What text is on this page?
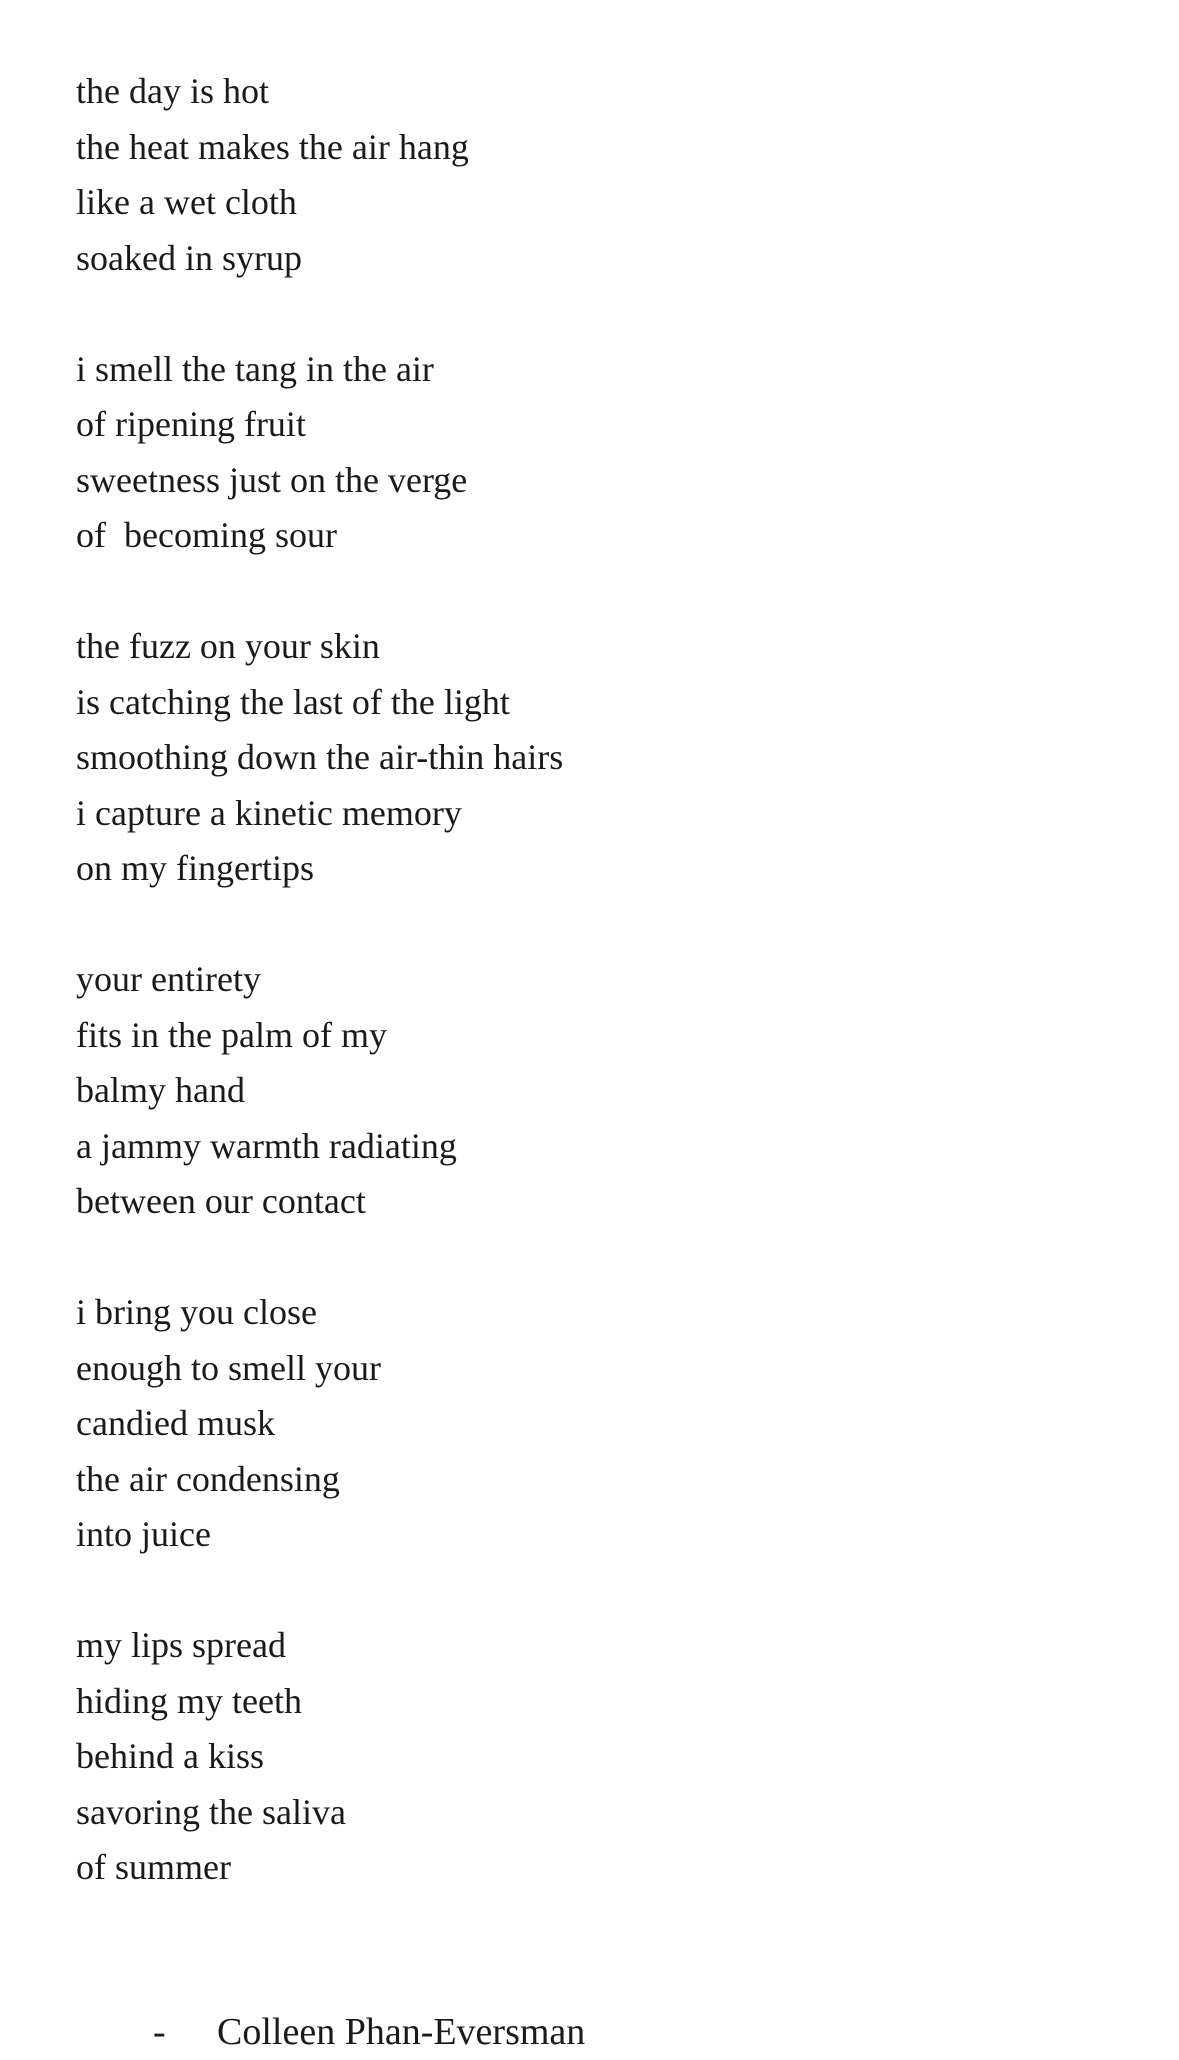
the day is hot
the heat makes the air hang
like a wet cloth
soaked in syrup
i smell the tang in the air
of ripening fruit
sweetness just on the verge
of  becoming sour
the fuzz on your skin
is catching the last of the light
smoothing down the air-thin hairs
i capture a kinetic memory
on my fingertips
your entirety
fits in the palm of my
balmy hand
a jammy warmth radiating
between our contact
i bring you close
enough to smell your
candied musk
the air condensing
into juice
my lips spread
hiding my teeth
behind a kiss
savoring the saliva
of summer

- Colleen Phan-Eversman
